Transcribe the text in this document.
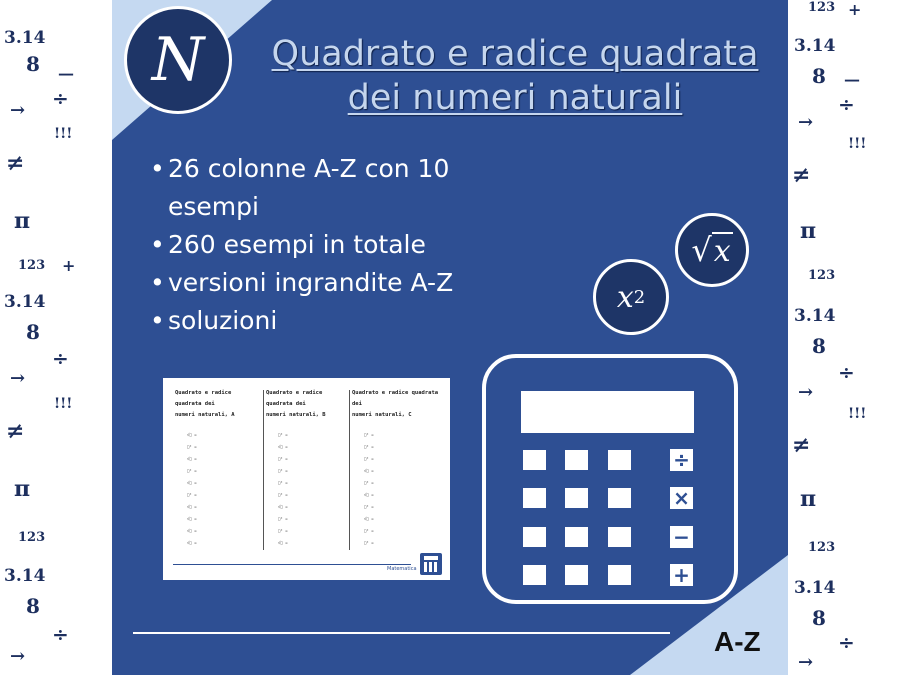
3.14
8 —
÷
→
!!!
≠
π
123 +
3.14
8
÷
→
!!!
≠
π
123
3.14
8
÷
→
123 +
3.14
8 —
÷
→
!!!
≠
π
123
3.14
8
÷
→
!!!
≠
π
123
3.14
8
÷
→
N	Quadrato e radice quadrata
dei numeri naturali
• 26 colonne A-Z con 10 esempi
• 260 esempi in totale
• versioni ingrandite A-Z
• soluzioni
√ x
x 2
Quadrato e radice quadrata dei
numeri naturali, A
√□ =
□² =
√□ =
□² =
√□ =
□² =
√□ =
√□ =
√□ =
√□ =
Quadrato e radice quadrata dei
numeri naturali, B
□² =
√□ =
□² =
□² =
□² =
□² =
√□ =
□² =
□² =
√□ =
Quadrato e radice quadrata dei
numeri naturali, C
□² =
□² =
□² =
√□ =
□² =
√□ =
□² =
√□ =
□² =
□² =
Matematica
÷
×
−
+
A-Z
